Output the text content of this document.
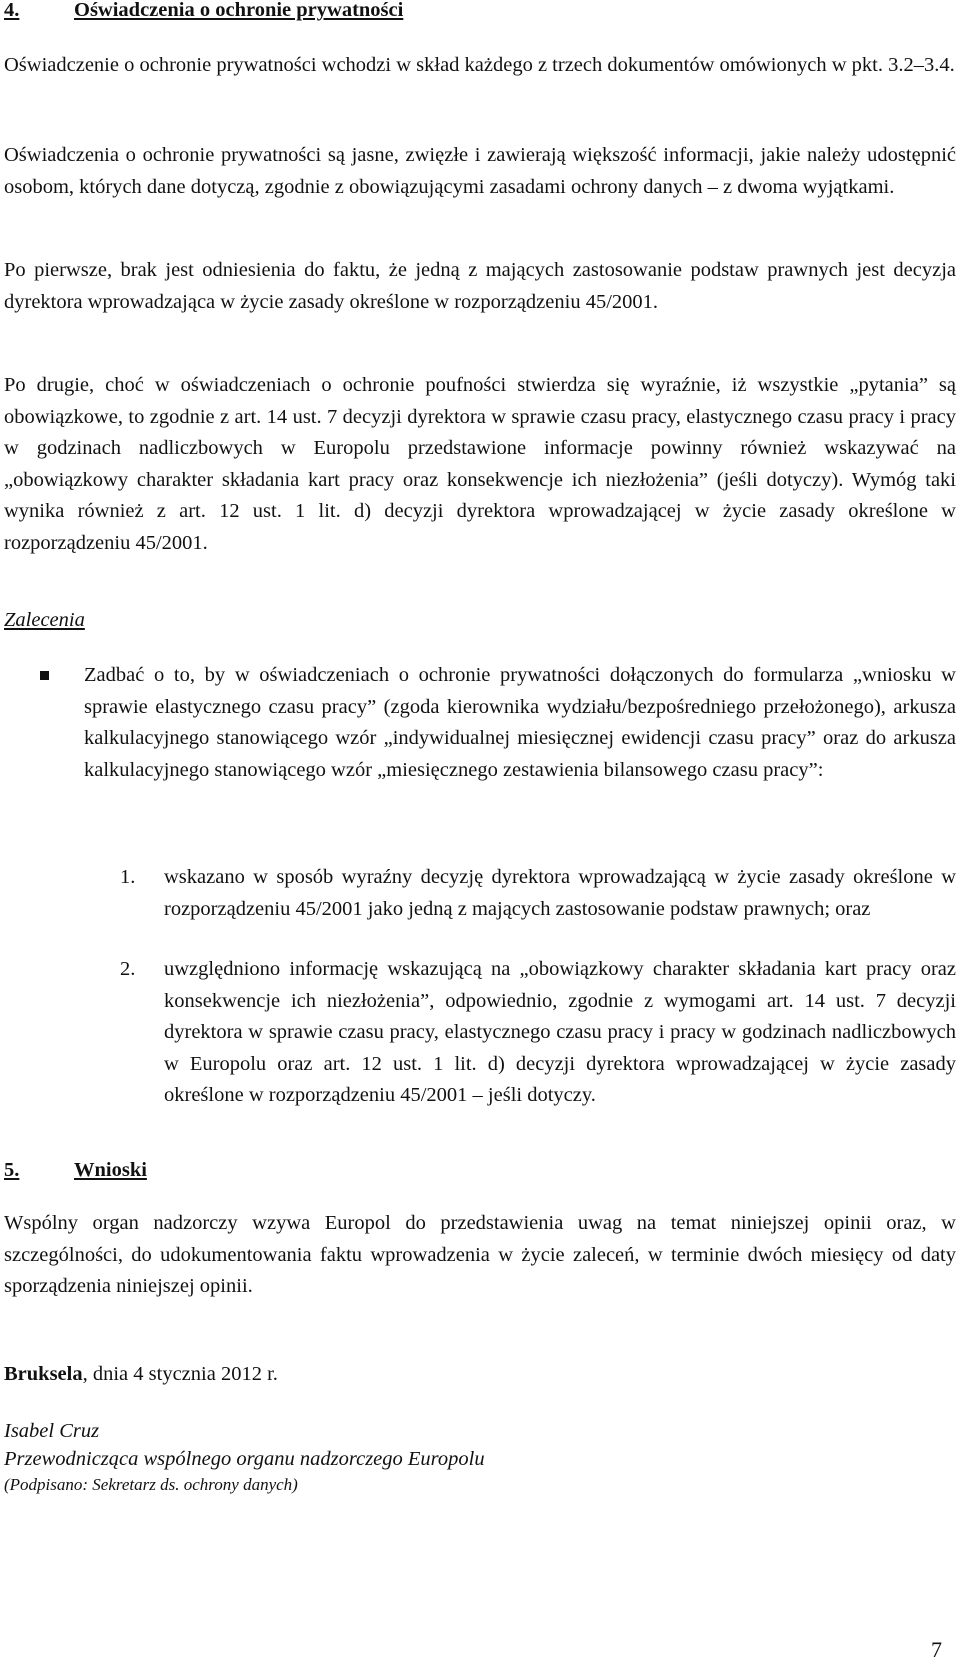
4.	Oświadczenia o ochronie prywatności

Oświadczenie o ochronie prywatności wchodzi w skład każdego z trzech dokumentów omówionych w pkt. 3.2–3.4.

Oświadczenia o ochronie prywatności są jasne, zwięzłe i zawierają większość informacji, jakie należy udostępnić osobom, których dane dotyczą, zgodnie z obowiązującymi zasadami ochrony danych – z dwoma wyjątkami.

Po pierwsze, brak jest odniesienia do faktu, że jedną z mających zastosowanie podstaw prawnych jest decyzja dyrektora wprowadzająca w życie zasady określone w rozporządzeniu 45/2001.

Po drugie, choć w oświadczeniach o ochronie poufności stwierdza się wyraźnie, iż wszystkie „pytania” są obowiązkowe, to zgodnie z art. 14 ust. 7 decyzji dyrektora w sprawie czasu pracy, elastycznego czasu pracy i pracy w godzinach nadliczbowych w Europolu przedstawione informacje powinny również wskazywać na „obowiązkowy charakter składania kart pracy oraz konsekwencje ich niezłożenia” (jeśli dotyczy). Wymóg taki wynika również z art. 12 ust. 1 lit. d) decyzji dyrektora wprowadzającej w życie zasady określone w rozporządzeniu 45/2001.

Zalecenia

Zadbać o to, by w oświadczeniach o ochronie prywatności dołączonych do formularza „wniosku w sprawie elastycznego czasu pracy” (zgoda kierownika wydziału/bezpośredniego przełożonego), arkusza kalkulacyjnego stanowiącego wzór „indywidualnej miesięcznej ewidencji czasu pracy” oraz do arkusza kalkulacyjnego stanowiącego wzór „miesięcznego zestawienia bilansowego czasu pracy”:

1.	wskazano w sposób wyraźny decyzję dyrektora wprowadzającą w życie zasady określone w rozporządzeniu 45/2001 jako jedną z mających zastosowanie podstaw prawnych; oraz

2.	uwzględniono informację wskazującą na „obowiązkowy charakter składania kart pracy oraz konsekwencje ich niezłożenia”, odpowiednio, zgodnie z wymogami art. 14 ust. 7 decyzji dyrektora w sprawie czasu pracy, elastycznego czasu pracy i pracy w godzinach nadliczbowych w Europolu oraz art. 12 ust. 1 lit. d) decyzji dyrektora wprowadzającej w życie zasady określone w rozporządzeniu 45/2001 – jeśli dotyczy.

5.	Wnioski

Wspólny organ nadzorczy wzywa Europol do przedstawienia uwag na temat niniejszej opinii oraz, w szczególności, do udokumentowania faktu wprowadzenia w życie zaleceń, w terminie dwóch miesięcy od daty sporządzenia niniejszej opinii.

Bruksela, dnia 4 stycznia 2012 r.
Isabel Cruz
Przewodnicząca wspólnego organu nadzorczego Europolu
(Podpisano: Sekretarz ds. ochrony danych)
7
